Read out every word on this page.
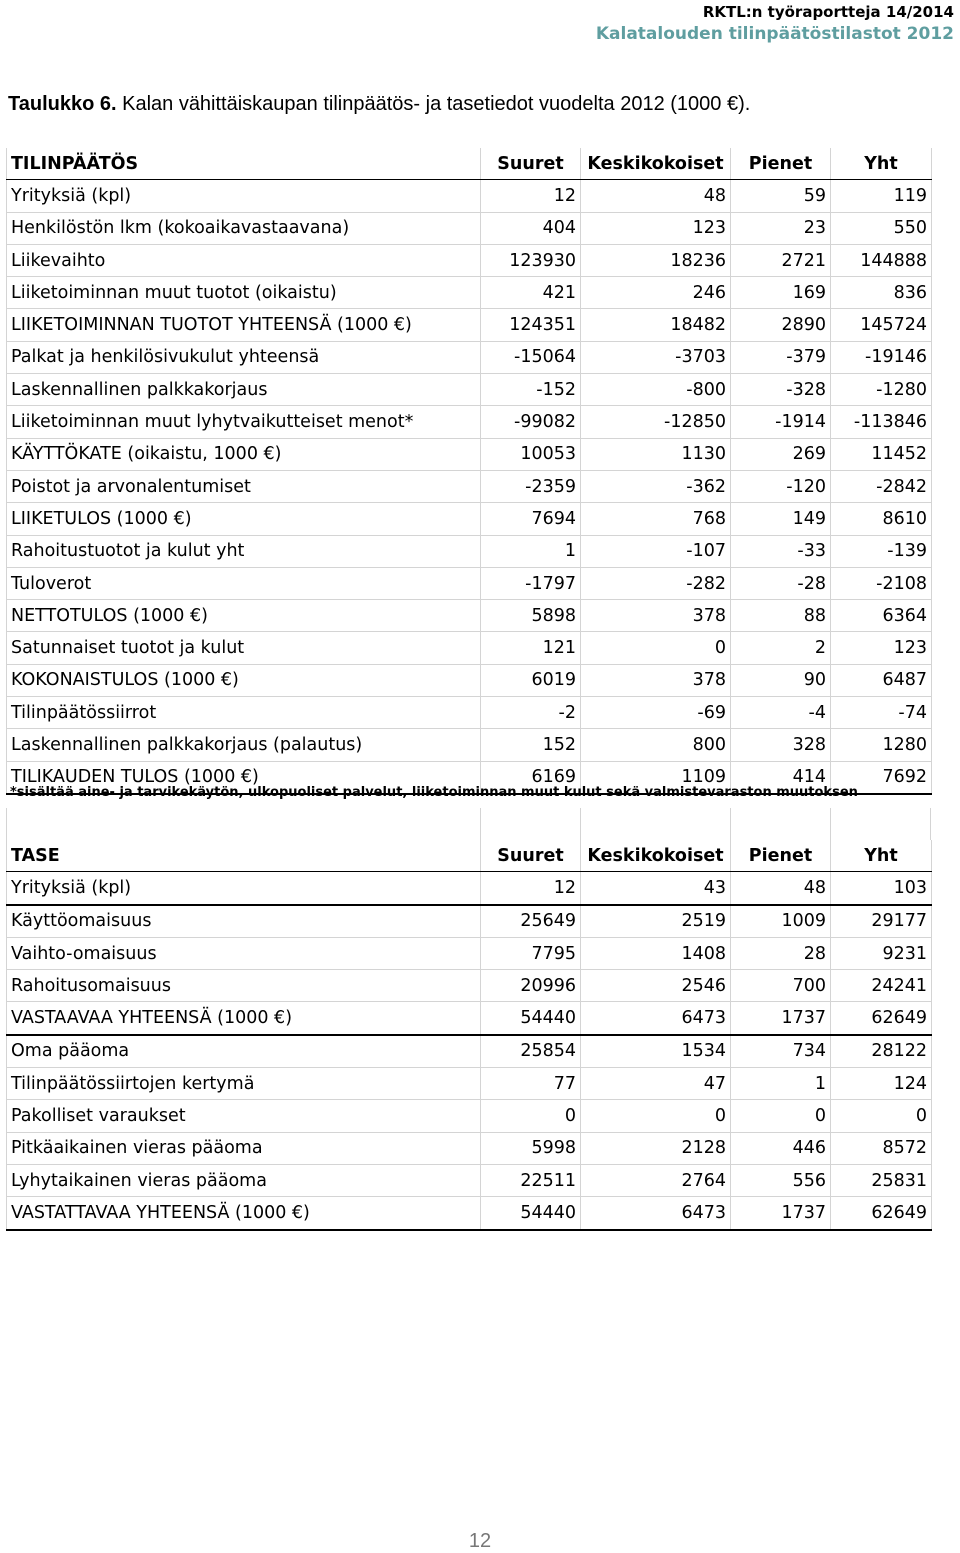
RKTL:n työraportteja 14/2014
Kalatalouden tilinpäätöstilastot 2012
Taulukko 6. Kalan vähittäiskaupan tilinpäätös- ja tasetiedot vuodelta 2012 (1000 €).
TILINPÄÄTÖS	Suuret	Keskikokoiset	Pienet	Yht
Yrityksiä (kpl)	12	48	59	119
Henkilöstön lkm (kokoaikavastaavana)	404	123	23	550
Liikevaihto	123930	18236	2721	144888
Liiketoiminnan muut tuotot (oikaistu)	421	246	169	836
LIIKETOIMINNAN TUOTOT YHTEENSÄ (1000 €)	124351	18482	2890	145724
Palkat ja henkilösivukulut yhteensä	-15064	-3703	-379	-19146
Laskennallinen palkkakorjaus	-152	-800	-328	-1280
Liiketoiminnan muut lyhytvaikutteiset menot*	-99082	-12850	-1914	-113846
KÄYTTÖKATE (oikaistu, 1000 €)	10053	1130	269	11452
Poistot ja arvonalentumiset	-2359	-362	-120	-2842
LIIKETULOS (1000 €)	7694	768	149	8610
Rahoitustuotot ja kulut yht	1	-107	-33	-139
Tuloverot	-1797	-282	-28	-2108
NETTOTULOS (1000 €)	5898	378	88	6364
Satunnaiset tuotot ja kulut	121	0	2	123
KOKONAISTULOS (1000 €)	6019	378	90	6487
Tilinpäätössiirrot	-2	-69	-4	-74
Laskennallinen palkkakorjaus (palautus)	152	800	328	1280
TILIKAUDEN TULOS (1000 €)	6169	1109	414	7692
*sisältää aine- ja tarvikekäytön, ulkopuoliset palvelut, liiketoiminnan muut kulut sekä valmistevaraston muutoksen
TASE	Suuret	Keskikokoiset	Pienet	Yht
Yrityksiä (kpl)	12	43	48	103
Käyttöomaisuus	25649	2519	1009	29177
Vaihto-omaisuus	7795	1408	28	9231
Rahoitusomaisuus	20996	2546	700	24241
VASTAAVAA YHTEENSÄ (1000 €)	54440	6473	1737	62649
Oma pääoma	25854	1534	734	28122
Tilinpäätössiirtojen kertymä	77	47	1	124
Pakolliset varaukset	0	0	0	0
Pitkäaikainen vieras pääoma	5998	2128	446	8572
Lyhytaikainen vieras pääoma	22511	2764	556	25831
VASTATTAVAA YHTEENSÄ (1000 €)	54440	6473	1737	62649
12
